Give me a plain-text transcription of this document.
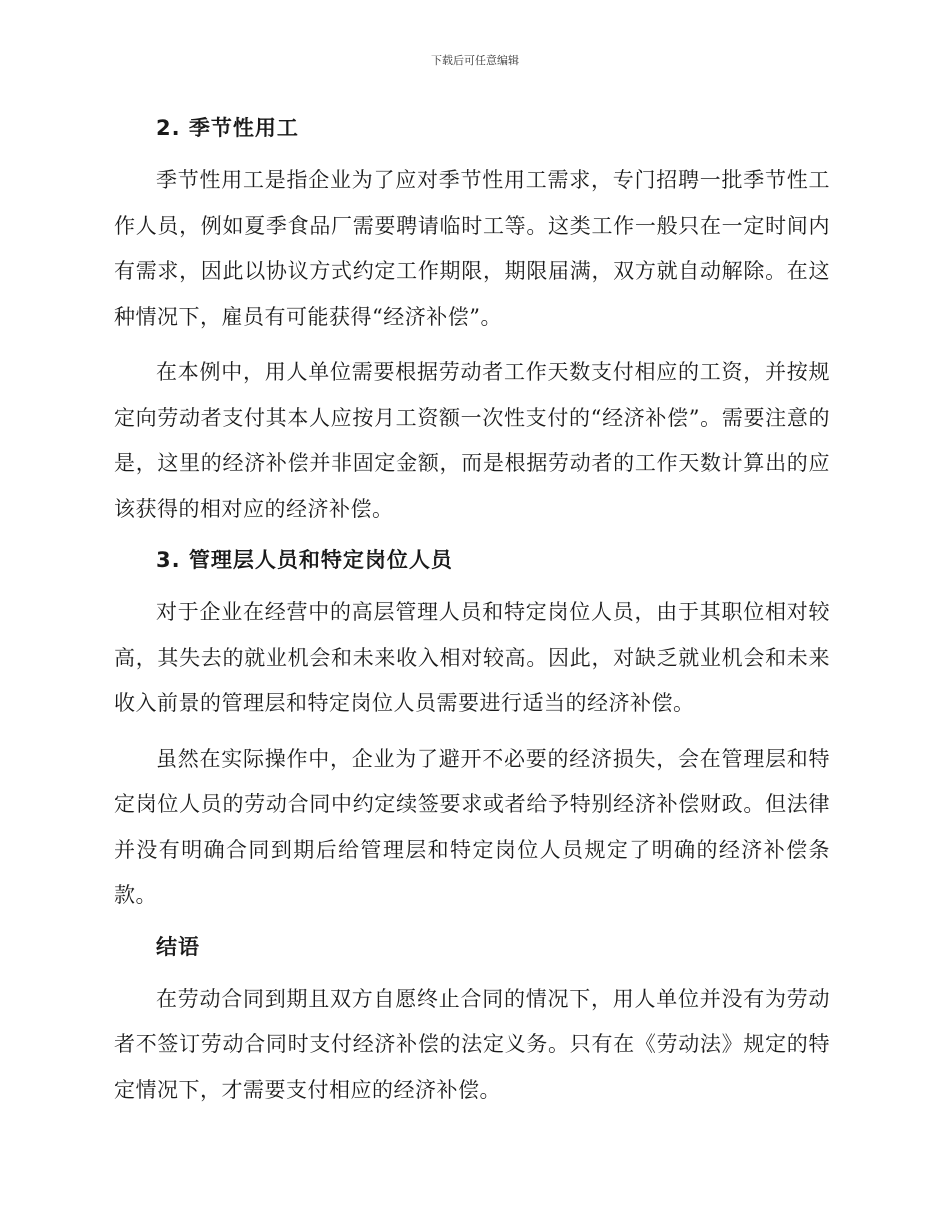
下载后可任意编辑
2. 季节性用工

季节性用工是指企业为了应对季节性用工需求，专门招聘一批季节性工作人员，例如夏季食品厂需要聘请临时工等。这类工作一般只在一定时间内有需求，因此以协议方式约定工作期限，期限届满，双方就自动解除。在这种情况下，雇员有可能获得“经济补偿”。

在本例中，用人单位需要根据劳动者工作天数支付相应的工资，并按规定向劳动者支付其本人应按月工资额一次性支付的“经济补偿”。需要注意的是，这里的经济补偿并非固定金额，而是根据劳动者的工作天数计算出的应该获得的相对应的经济补偿。

3. 管理层人员和特定岗位人员

对于企业在经营中的高层管理人员和特定岗位人员，由于其职位相对较高，其失去的就业机会和未来收入相对较高。因此，对缺乏就业机会和未来收入前景的管理层和特定岗位人员需要进行适当的经济补偿。

虽然在实际操作中，企业为了避开不必要的经济损失，会在管理层和特定岗位人员的劳动合同中约定续签要求或者给予特别经济补偿财政。但法律并没有明确合同到期后给管理层和特定岗位人员规定了明确的经济补偿条款。

结语

在劳动合同到期且双方自愿终止合同的情况下，用人单位并没有为劳动者不签订劳动合同时支付经济补偿的法定义务。只有在《劳动法》规定的特定情况下，才需要支付相应的经济补偿。
